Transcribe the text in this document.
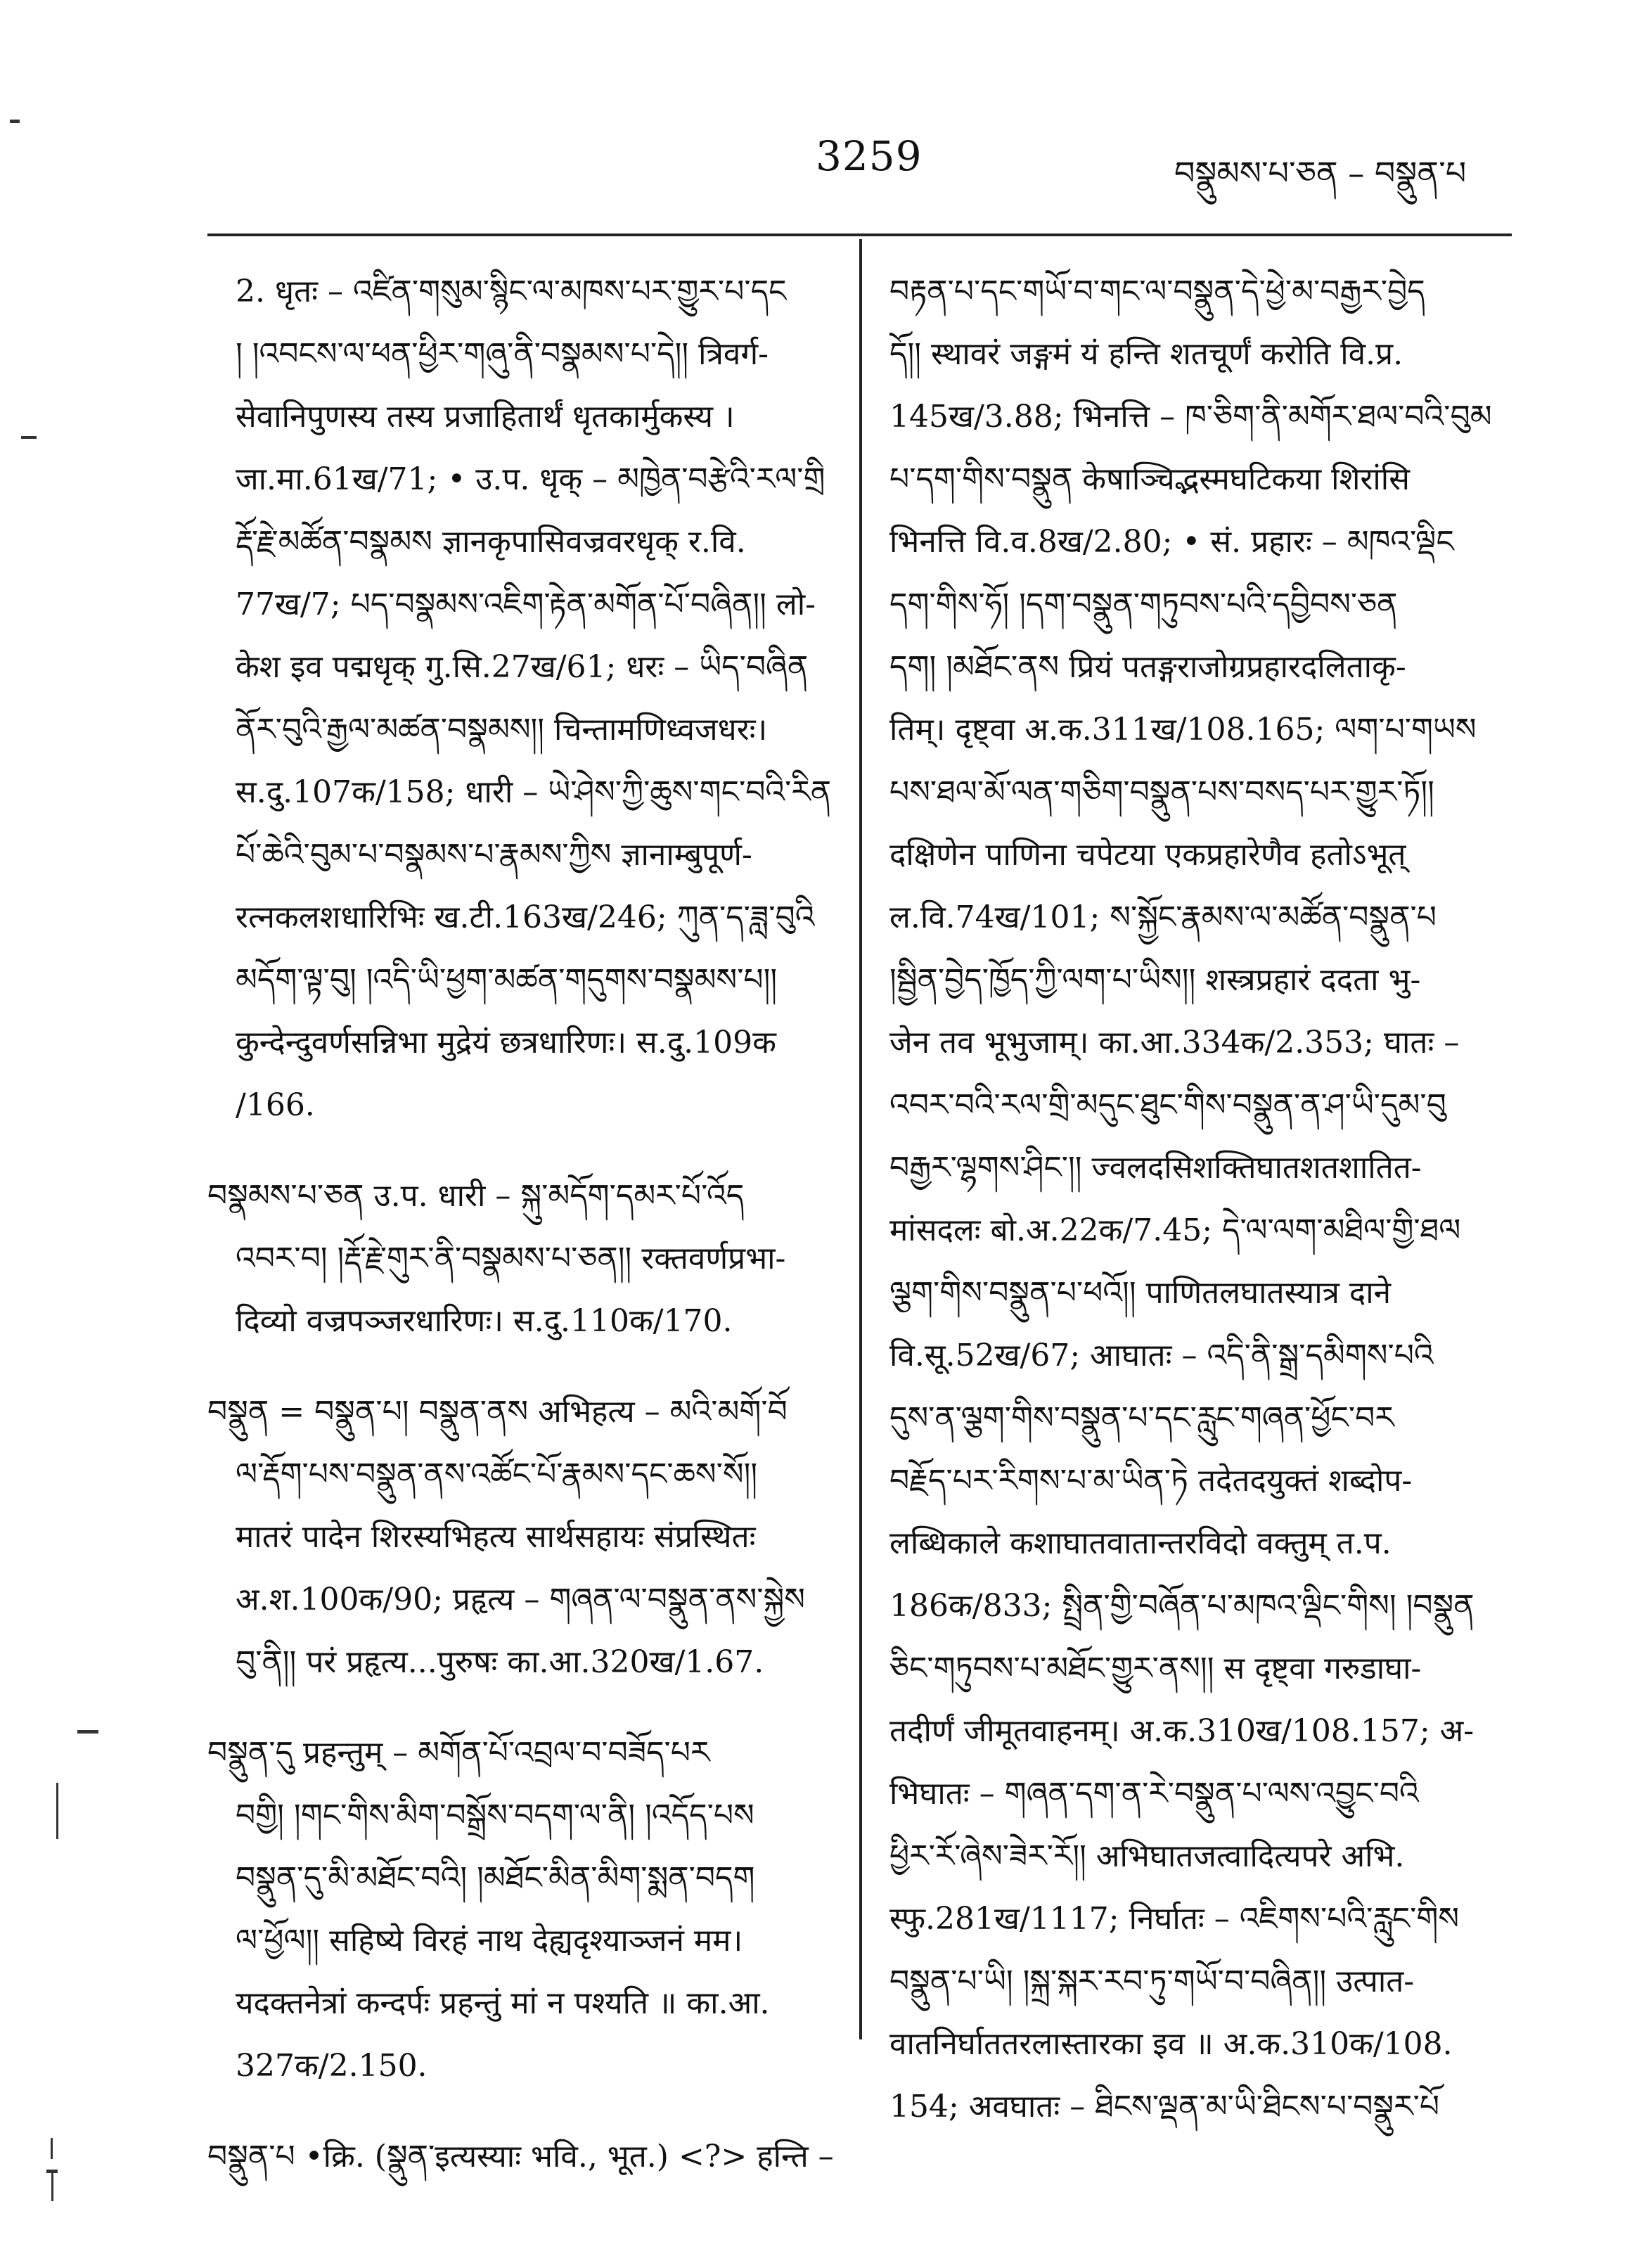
3259	བསྣུམས་པ་ཅན – བསྣུན་པ
2. धृतः – འཛིན་གསུམ་སྙིང་ལ་མཁས་པར་གྱུར་པ་དང
། །འབངས་ལ་ཕན་ཕྱིར་གཞུ་ནི་བསྣམས་པ་དེ།། त्रिवर्ग-
सेवानिपुणस्य तस्य प्रजाहितार्थं धृतकार्मुकस्य ।
जा.मा.61ख/71; • उ.प. धृक् – མཁྱེན་བརྩེའི་རལ་གྲི
རྡོ་རྗེ་མཚོན་བསྣམས ज्ञानकृपासिवज्रवरधृक् र.वि.
77ख/7; པད་བསྣམས་འཇིག་རྟེན་མགོན་པོ་བཞིན།། लो-
केश इव पद्मधृक् गु.सि.27ख/61; धरः – ཡིད་བཞིན
ནོར་བུའི་རྒྱལ་མཚན་བསྣམས།། चिन्तामणिध्वजधरः।
स.दु.107क/158; धारी – ཡེ་ཤེས་ཀྱི་ཆུས་གང་བའི་རིན
པོ་ཆེའི་བུམ་པ་བསྣམས་པ་རྣམས་ཀྱིས ज्ञानाम्बुपूर्ण-
रत्नकलशधारिभिः ख.टी.163ख/246; ཀུན་ད་ཟླ་བུའི
མདོག་ལྟ་བུ། །འདི་ཡི་ཕྱག་མཚན་གདུགས་བསྣམས་པ།།
कुन्देन्दुवर्णसन्निभा मुद्रेयं छत्रधारिणः। स.दु.109क
/166.
བསྣམས་པ་ཅན उ.प. धारी – སྐུ་མདོག་དམར་པོ་འོད
འབར་བ། །རྡོ་རྗེ་གུར་ནི་བསྣམས་པ་ཅན།། रक्तवर्णप्रभा-
दिव्यो वज्रपञ्जरधारिणः। स.दु.110क/170.
བསྣུན = བསྣུན་པ། བསྣུན་ནས अभिहत्य – མའི་མགོ་བོ
ལ་རྡོག་པས་བསྣུན་ནས་འཚོང་པོ་རྣམས་དང་ཆས་སོ།།
मातरं पादेन शिरस्यभिहत्य सार्थसहायः संप्रस्थितः
अ.श.100क/90; प्रहृत्य – གཞན་ལ་བསྣུན་ནས་སྐྱེས
བུ་ནི།། परं प्रहृत्य...पुरुषः का.आ.320ख/1.67.
བསྣུན་དུ प्रहन्तुम् – མགོན་པོ་འབྲལ་བ་བཟོད་པར
བགྱི། །གང་གིས་མིག་བསྒྲོས་བདག་ལ་ནི། །འདོད་པས
བསྣུན་དུ་མི་མཐོང་བའི། །མཐོང་མིན་མིག་སྨན་བདག
ལ་ཕྱོལ།། सहिष्ये विरहं नाथ देह्यदृश्याञ्जनं मम।
यदक्तनेत्रां कन्दर्पः प्रहन्तुं मां न पश्यति ॥ का.आ.
327क/2.150.
བསྣུན་པ •क्रि. (སྣུན་इत्यस्याः भवि., भूत.) <?> हन्ति –
བརྟན་པ་དང་གཡོ་བ་གང་ལ་བསྣུན་དེ་ཕྱེ་མ་བརྒྱར་བྱེད
དོ།། स्थावरं जङ्गमं यं हन्ति शतचूर्णं करोति वि.प्र.
145ख/3.88; भिनत्ति – ཁ་ཅིག་ནི་མགོར་ཐལ་བའི་བུམ
པ་དག་གིས་བསྣུན केषाञ्चिद्भस्मघटिकया शिरांसि
भिनत्ति वि.व.8ख/2.80; • सं. प्रहारः – མཁའ་ལྡིང
དག་གིས་ཧོ། །དག་བསྣུན་གཏུབས་པའི་དབྱིབས་ཅན
དག། །མཐོང་ནས प्रियं पतङ्गराजोग्रप्रहारदलिताकृ-
तिम्। दृष्ट्वा अ.क.311ख/108.165; ལག་པ་གཡས
པས་ཐལ་མོ་ལན་གཅིག་བསྣུན་པས་བསད་པར་གྱུར་ཏོ།།
दक्षिणेन पाणिना चपेटया एकप्रहारेणैव हतोऽभूत्
ल.वि.74ख/101; ས་སྐྱོང་རྣམས་ལ་མཚོན་བསྣུན་པ
།སྦྱིན་བྱེད་ཁྱོད་ཀྱི་ལག་པ་ཡིས།། शस्त्रप्रहारं ददता भु-
जेन तव भूभुजाम्। का.आ.334क/2.353; घातः –
འབར་བའི་རལ་གྲི་མདུང་ཐུང་གིས་བསྣུན་ན་ཤ་ཡི་དུམ་བུ
བརྒྱར་ལྷགས་ཤིང་།། ज्वलदसिशक्तिघातशतशातित-
मांसदलः बो.अ.22क/7.45; དེ་ལ་ལག་མཐིལ་གྱི་ཐལ
ལྕག་གིས་བསྣུན་པ་ཕའོ།། पाणितलघातस्यात्र दाने
वि.सू.52ख/67; आघातः – འདི་ནི་སྒྲ་དམིགས་པའི
དུས་ན་ལྕག་གིས་བསྣུན་པ་དང་རླུང་གཞན་ཕྱོང་བར
བརྗོད་པར་རིགས་པ་མ་ཡིན་ཏེ तदेतदयुक्तं शब्दोप-
लब्धिकाले कशाघातवातान्तरविदो वक्तुम् त.प.
186क/833; སྤྲིན་གྱི་བཞོན་པ་མཁའ་ལྡིང་གིས། །བསྣུན
ཅིང་གཏུབས་པ་མཐོང་གྱུར་ནས།། स दृष्ट्वा गरुडाघा-
तदीर्णं जीमूतवाहनम्। अ.क.310ख/108.157; अ-
भिघातः – གཞན་དག་ན་རེ་བསྣུན་པ་ལས་འབྱུང་བའི
ཕྱིར་རོ་ཞེས་ཟེར་རོ།། अभिघातजत्वादित्यपरे अभि.
स्फु.281ख/1117; निर्घातः – འཇིགས་པའི་རླུང་གིས
བསྣུན་པ་ཡི། །སྐྲ་སྐར་རབ་ཏུ་གཡོ་བ་བཞིན།། उत्पात-
वातनिर्घाततरलास्तारका इव ॥ अ.क.310क/108.
154; अवघातः – ཐིངས་ལྡན་མ་ཡི་ཐིངས་པ་བསྣུར་པོ
